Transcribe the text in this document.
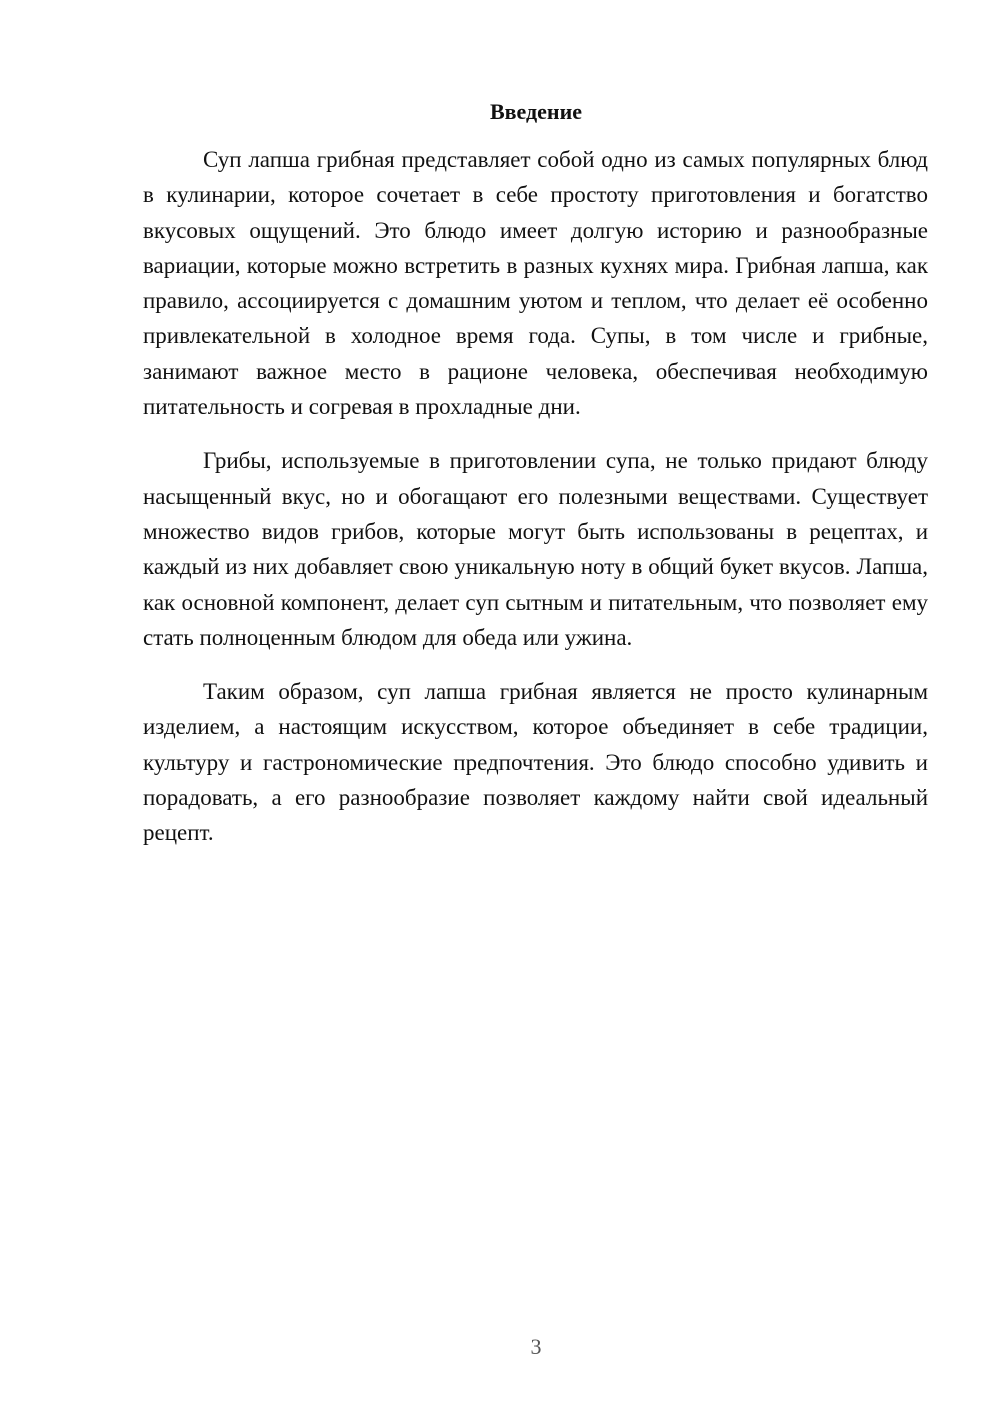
Введение

Суп лапша грибная представляет собой одно из самых популярных блюд в кулинарии, которое сочетает в себе простоту приготовления и богатство вкусовых ощущений. Это блюдо имеет долгую историю и разнообразные вариации, которые можно встретить в разных кухнях мира. Грибная лапша, как правило, ассоциируется с домашним уютом и теплом, что делает её особенно привлекательной в холодное время года. Супы, в том числе и грибные, занимают важное место в рационе человека, обеспечивая необходимую питательность и согревая в прохладные дни.

Грибы, используемые в приготовлении супа, не только придают блюду насыщенный вкус, но и обогащают его полезными веществами. Существует множество видов грибов, которые могут быть использованы в рецептах, и каждый из них добавляет свою уникальную ноту в общий букет вкусов. Лапша, как основной компонент, делает суп сытным и питательным, что позволяет ему стать полноценным блюдом для обеда или ужина.

Таким образом, суп лапша грибная является не просто кулинарным изделием, а настоящим искусством, которое объединяет в себе традиции, культуру и гастрономические предпочтения. Это блюдо способно удивить и порадовать, а его разнообразие позволяет каждому найти свой идеальный рецепт.

3
